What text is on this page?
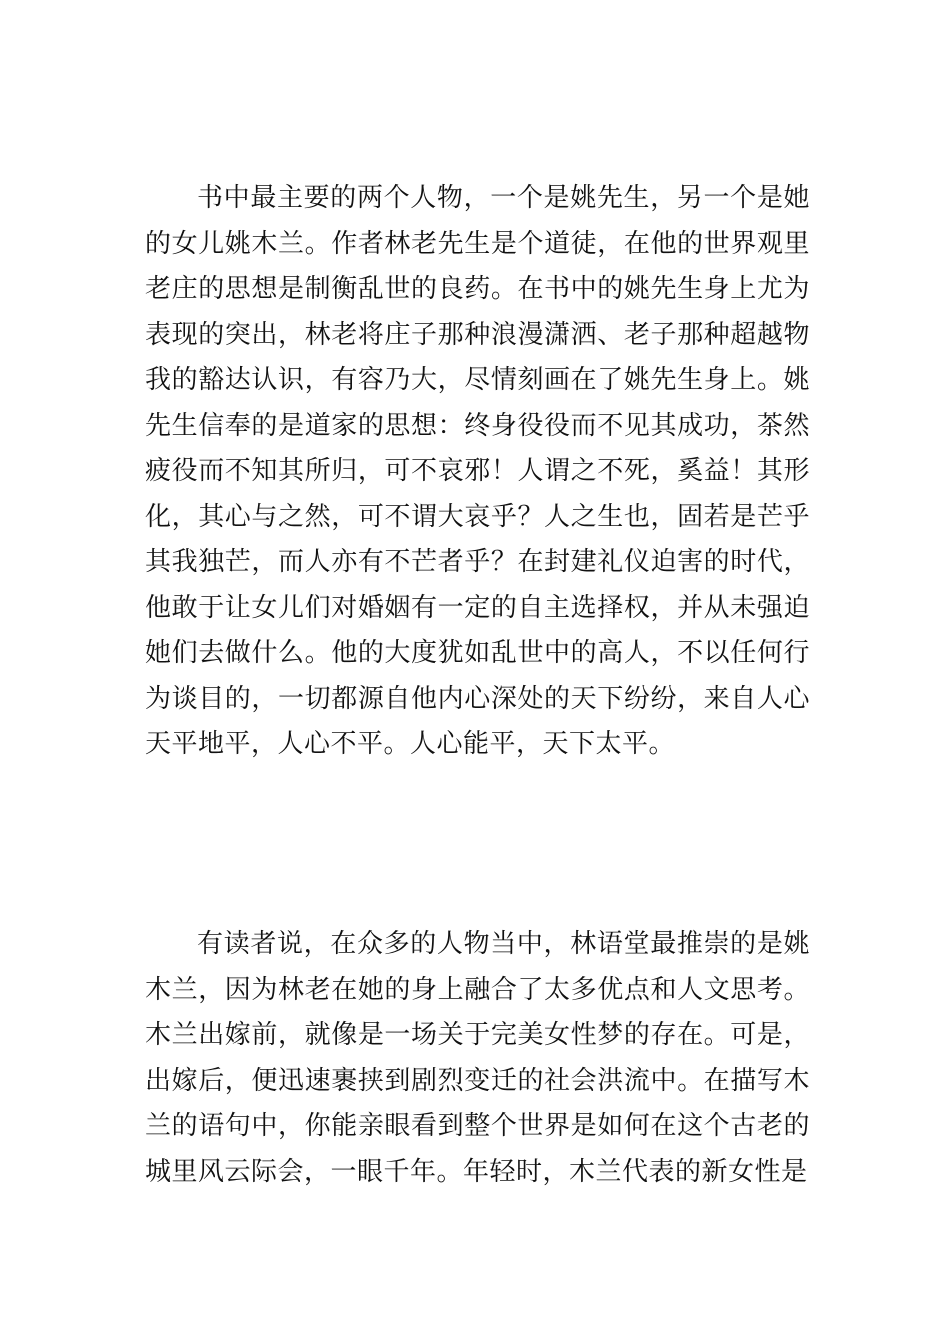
书中最主要的两个人物，一个是姚先生，另一个是她的女儿姚木兰。作者林老先生是个道徒，在他的世界观里老庄的思想是制衡乱世的良药。在书中的姚先生身上尤为表现的突出，林老将庄子那种浪漫潇洒、老子那种超越物我的豁达认识，有容乃大，尽情刻画在了姚先生身上。姚先生信奉的是道家的思想：终身役役而不见其成功，茶然疲役而不知其所归，可不哀邪！人谓之不死，奚益！其形化，其心与之然，可不谓大哀乎？人之生也，固若是芒乎其我独芒，而人亦有不芒者乎？在封建礼仪迫害的时代，他敢于让女儿们对婚姻有一定的自主选择权，并从未强迫她们去做什么。他的大度犹如乱世中的高人，不以任何行为谈目的，一切都源自他内心深处的天下纷纷，来自人心天平地平，人心不平。人心能平，天下太平。

有读者说，在众多的人物当中，林语堂最推崇的是姚木兰，因为林老在她的身上融合了太多优点和人文思考。木兰出嫁前，就像是一场关于完美女性梦的存在。可是，出嫁后，便迅速裹挟到剧烈变迁的社会洪流中。在描写木兰的语句中，你能亲眼看到整个世界是如何在这个古老的城里风云际会，一眼千年。年轻时，木兰代表的新女性是
